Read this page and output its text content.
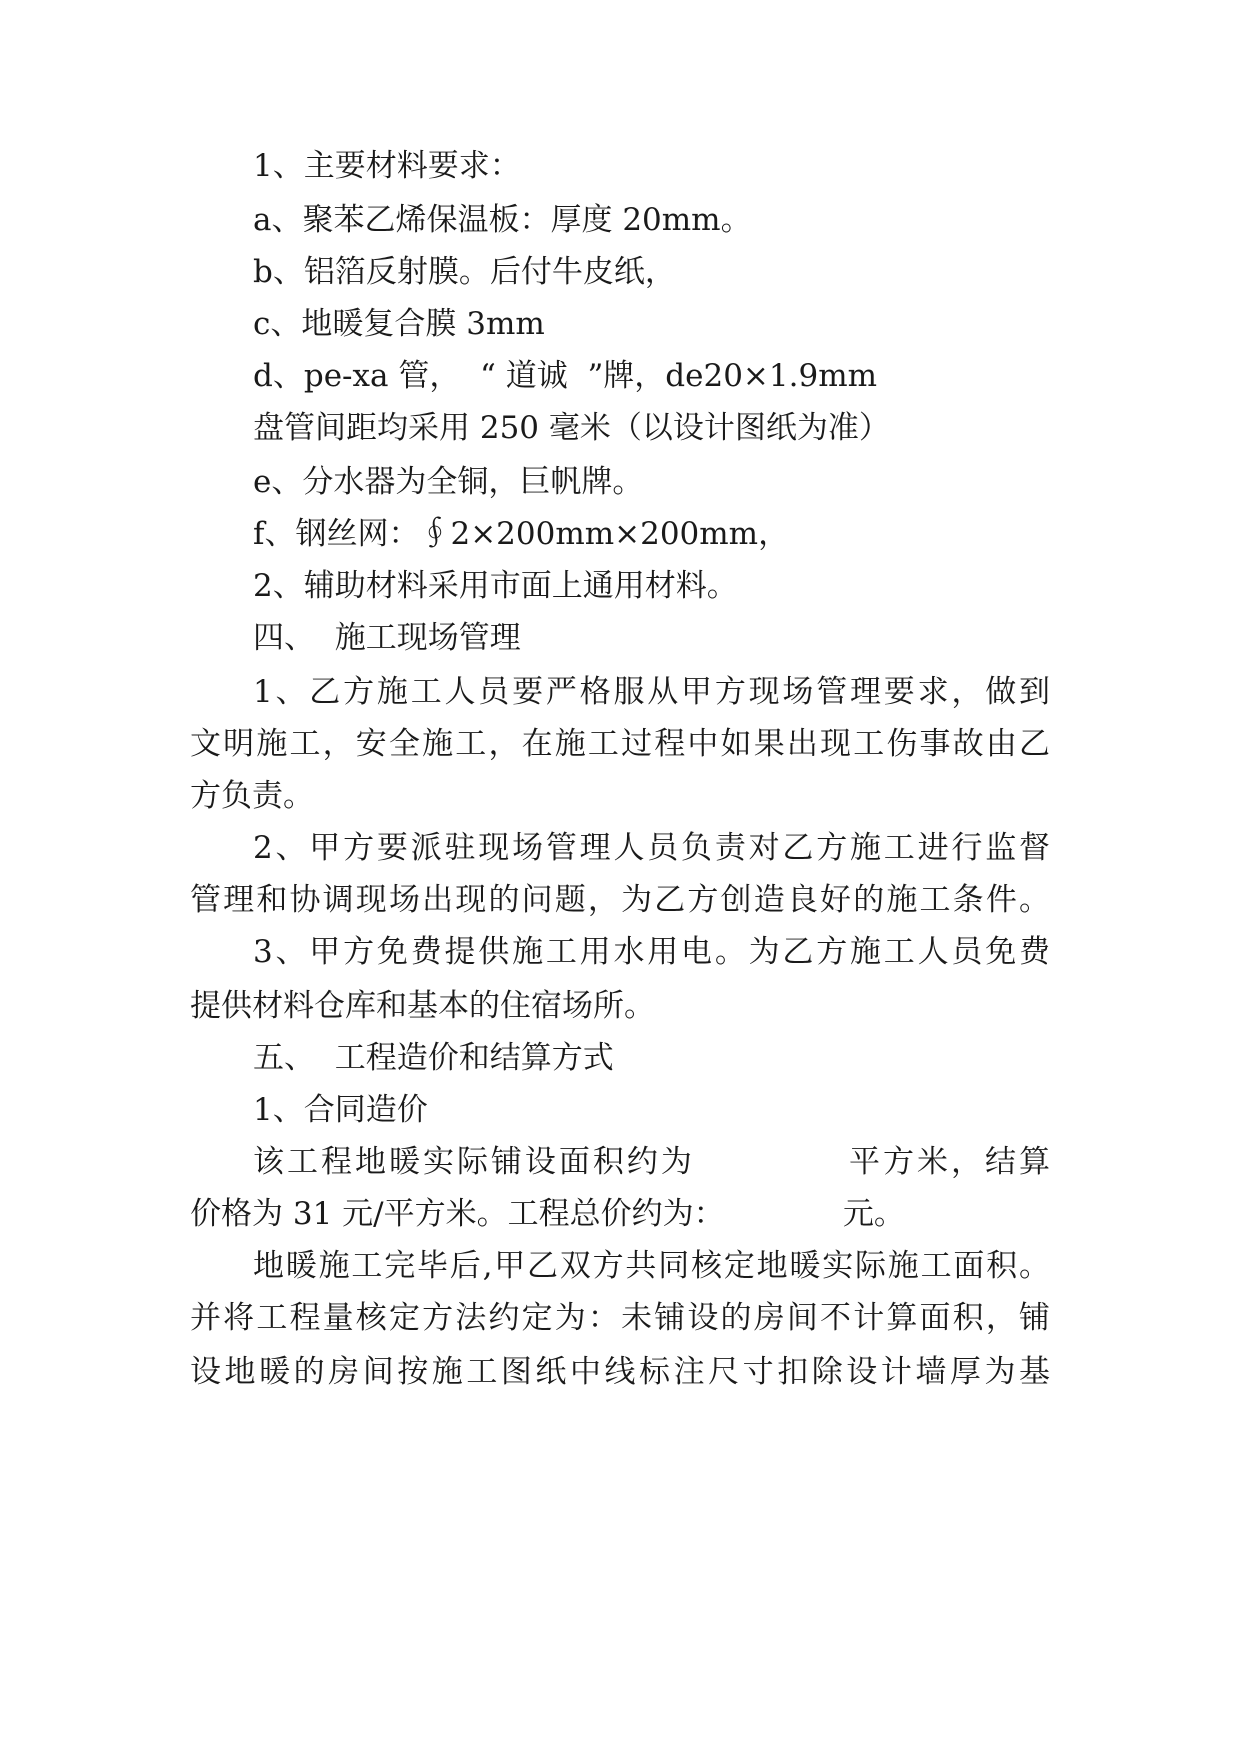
1、主要材料要求：

a、聚苯乙烯保温板：厚度 20mm。

b、铝箔反射膜。后付牛皮纸，

c、地暖复合膜 3mm

d、pe-xa 管，  “ 道诚  ”牌，de20×1.9mm

盘管间距均采用 250 毫米（以设计图纸为准）

e、分水器为全铜，巨帆牌。

f、钢丝网：∮2×200mm×200mm，

2、辅助材料采用市面上通用材料。

四、  施工现场管理

1、乙方施工人员要严格服从甲方现场管理要求，做到

文明施工，安全施工，在施工过程中如果出现工伤事故由乙

方负责。

2、甲方要派驻现场管理人员负责对乙方施工进行监督

管理和协调现场出现的问题，为乙方创造良好的施工条件。

3、甲方免费提供施工用水用电。为乙方施工人员免费

提供材料仓库和基本的住宿场所。

五、  工程造价和结算方式

1、合同造价

该工程地暖实际铺设面积约为            平方米，结算

价格为 31 元/平方米。工程总价约为：            元。

地暖施工完毕后,甲乙双方共同核定地暖实际施工面积。

并将工程量核定方法约定为：未铺设的房间不计算面积，铺

设地暖的房间按施工图纸中线标注尺寸扣除设计墙厚为基
